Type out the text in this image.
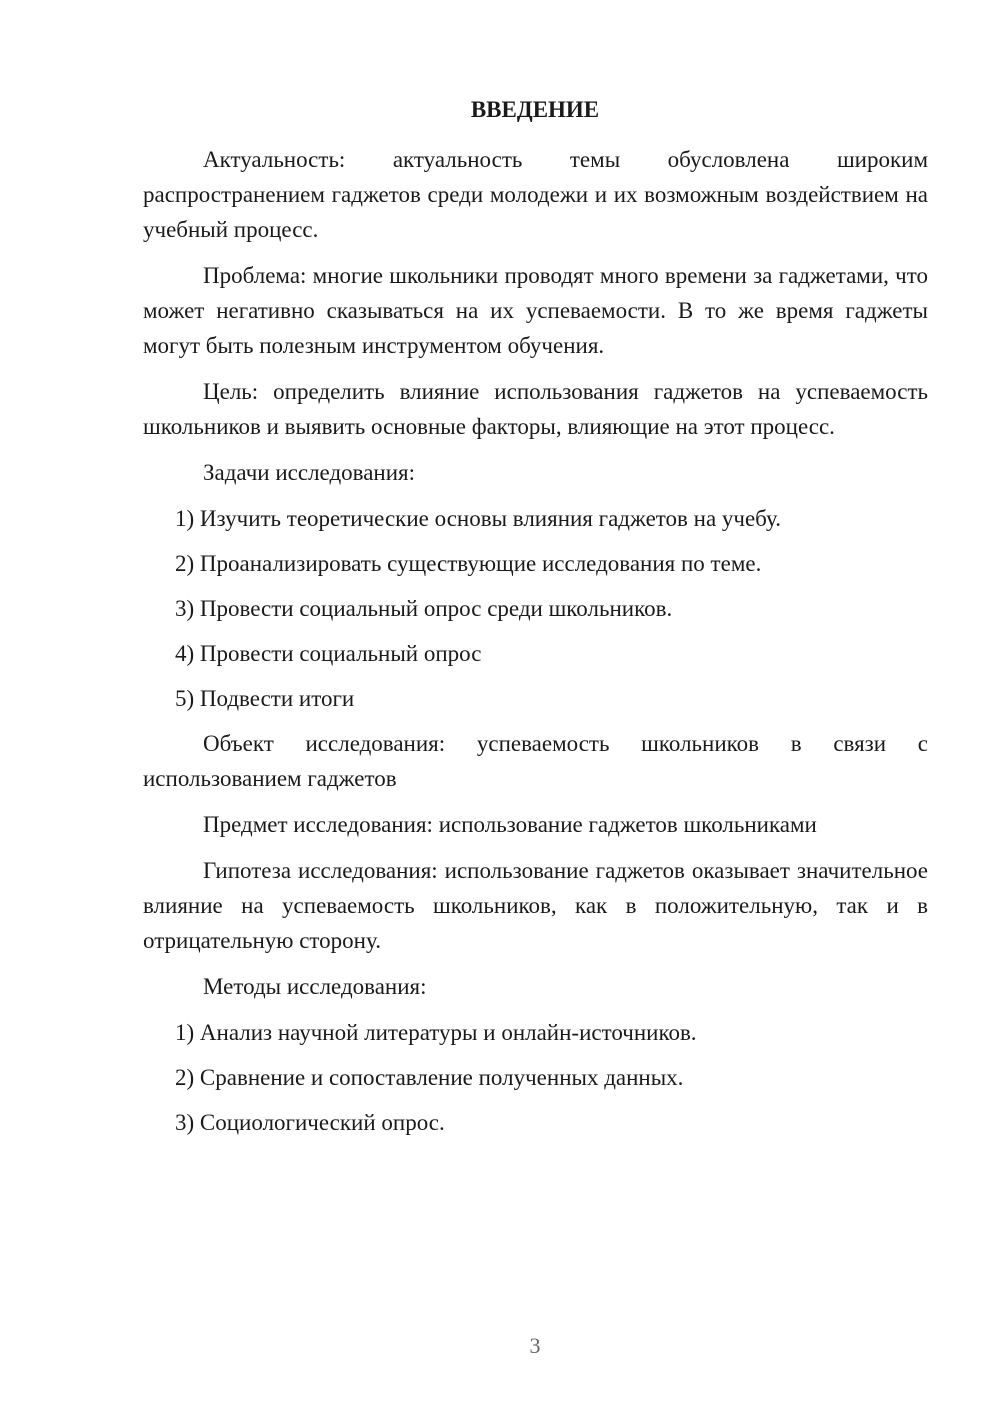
ВВЕДЕНИЕ

Актуальность: актуальность темы обусловлена широким распространением гаджетов среди молодежи и их возможным воздействием на учебный процесс.

Проблема: многие школьники проводят много времени за гаджетами, что может негативно сказываться на их успеваемости. В то же время гаджеты могут быть полезным инструментом обучения.

Цель: определить влияние использования гаджетов на успеваемость школьников и выявить основные факторы, влияющие на этот процесс.

Задачи исследования:

1) Изучить теоретические основы влияния гаджетов на учебу.
2) Проанализировать существующие исследования по теме.
3) Провести социальный опрос среди школьников.
4) Провести социальный опрос
5) Подвести итоги

Объект исследования: успеваемость школьников в связи с использованием гаджетов

Предмет исследования: использование гаджетов школьниками

Гипотеза исследования: использование гаджетов оказывает значительное влияние на успеваемость школьников, как в положительную, так и в отрицательную сторону.

Методы исследования:

1) Анализ научной литературы и онлайн-источников.
2) Сравнение и сопоставление полученных данных.
3) Социологический опрос.
3
